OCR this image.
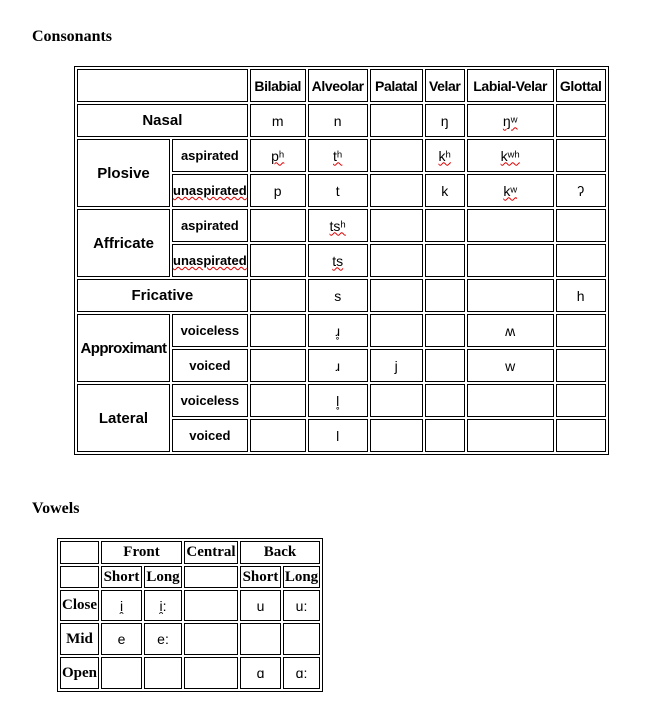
Consonants
		Bilabial	Alveolar	Palatal	Velar	Labial-Velar	Glottal
Nasal		m	n		ŋ	ŋʷ	
Plosive	aspirated	pʰ	tʰ		kʰ	kʷʰ	
	unaspirated	p	t		k	kʷ	ʔ
Affricate	aspirated		tsʰ				
	unaspirated		ts				
Fricative			s				h
Approximant	voiceless		ɹ̥			ʍ	
	voiced		ɹ	j		w	
Lateral	voiceless		l̥				
	voiced		l				
Vowels
	Front		Central	Back	
	Short	Long		Short	Long
Close	i̯	i̯:		u	u:
Mid	e	e:			
Open				ɑ	ɑ:
